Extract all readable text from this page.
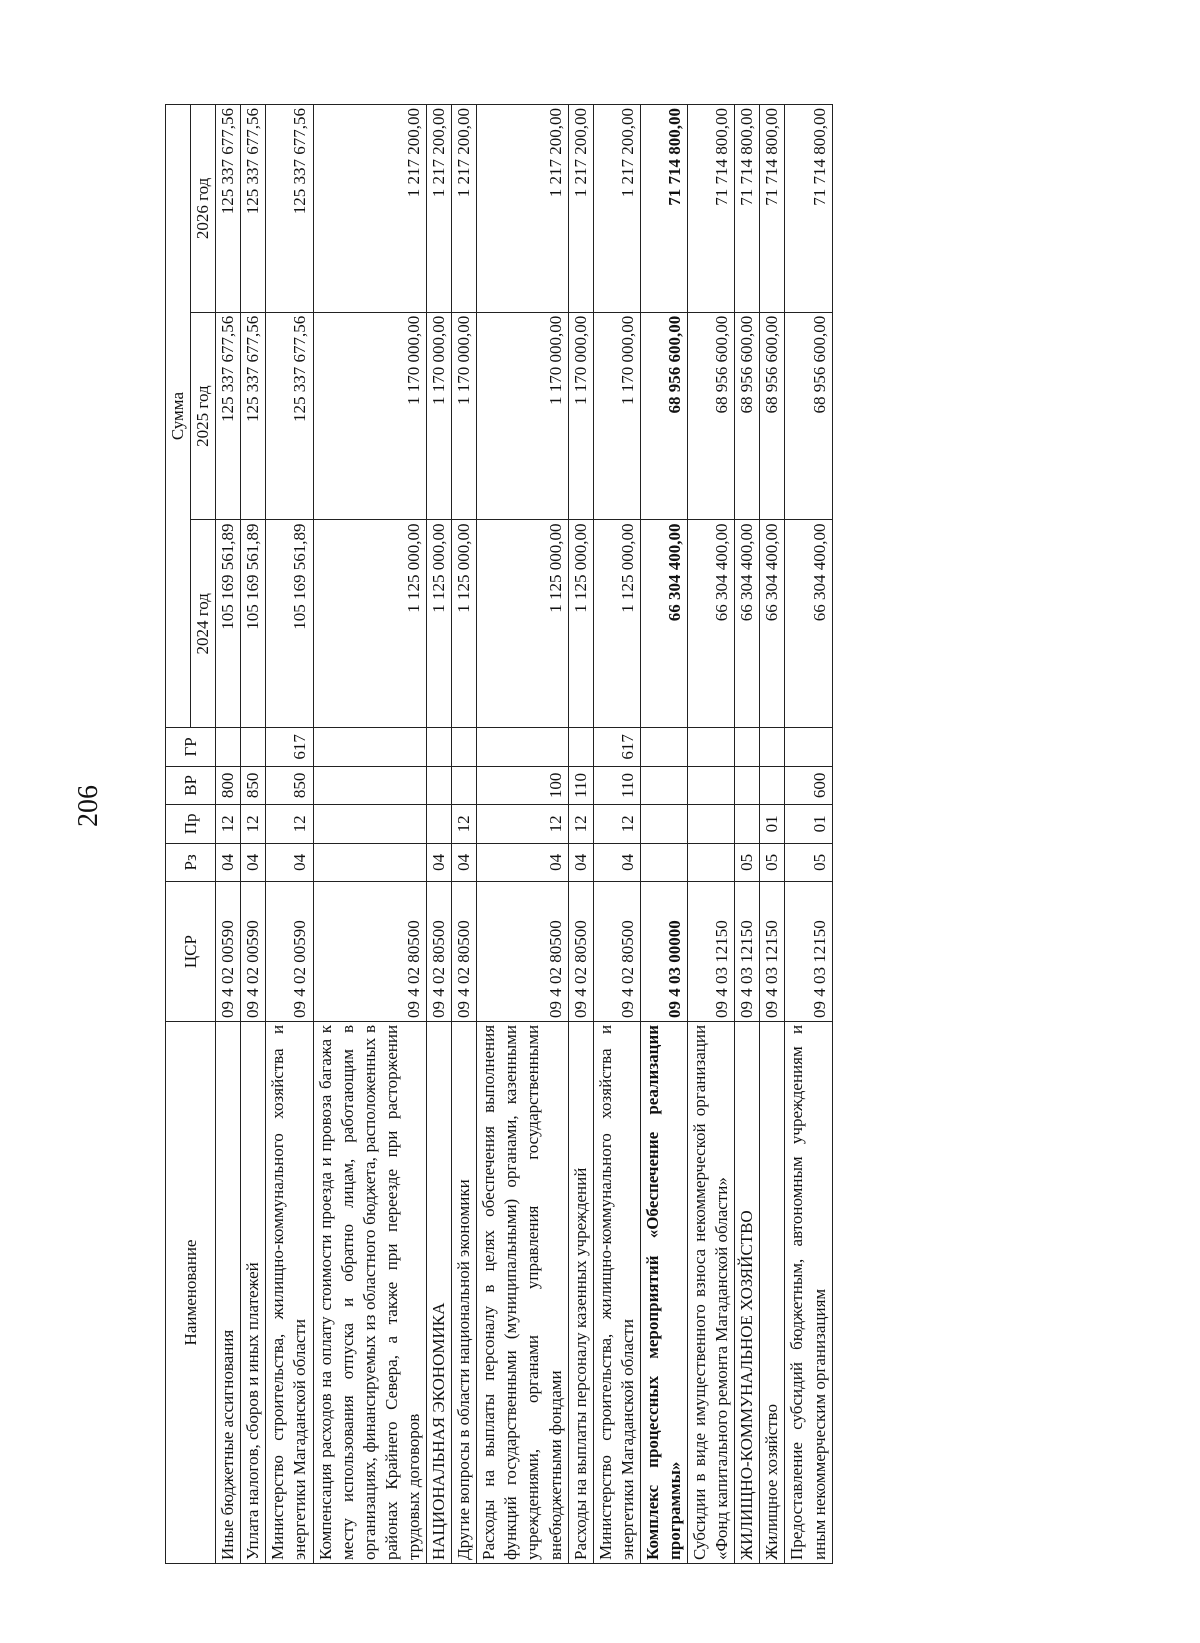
206
Наименование	ЦСР	Рз	Пр	ВР	ГР	Сумма		
						2024 год	2025 год	2026 год
Иные бюджетные ассигнования	09 4 02 00590	04	12	800		105 169 561,89	125 337 677,56	125 337 677,56
Уплата налогов, сборов и иных платежей	09 4 02 00590	04	12	850		105 169 561,89	125 337 677,56	125 337 677,56
Министерство строительства, жилищно-коммунального хозяйства и энергетики Магаданской области	09 4 02 00590	04	12	850	617	105 169 561,89	125 337 677,56	125 337 677,56
Компенсация расходов на оплату стоимости проезда и провоза багажа к месту использования отпуска и обратно лицам, работающим в организациях, финансируемых из областного бюджета, расположенных в районах Крайнего Севера, а также при переезде при расторжении трудовых договоров	09 4 02 80500					1 125 000,00	1 170 000,00	1 217 200,00
НАЦИОНАЛЬНАЯ ЭКОНОМИКА	09 4 02 80500	04				1 125 000,00	1 170 000,00	1 217 200,00
Другие вопросы в области национальной экономики	09 4 02 80500	04	12			1 125 000,00	1 170 000,00	1 217 200,00
Расходы на выплаты персоналу в целях обеспечения выполнения функций государственными (муниципальными) органами, казенными учреждениями, органами управления государственными внебюджетными фондами	09 4 02 80500	04	12	100		1 125 000,00	1 170 000,00	1 217 200,00
Расходы на выплаты персоналу казенных учреждений	09 4 02 80500	04	12	110		1 125 000,00	1 170 000,00	1 217 200,00
Министерство строительства, жилищно-коммунального хозяйства и энергетики Магаданской области	09 4 02 80500	04	12	110	617	1 125 000,00	1 170 000,00	1 217 200,00
Комплекс процессных мероприятий «Обеспечение реализации программы»	09 4 03 00000					66 304 400,00	68 956 600,00	71 714 800,00
Субсидии в виде имущественного взноса некоммерческой организации «Фонд капитального ремонта Магаданской области»	09 4 03 12150					66 304 400,00	68 956 600,00	71 714 800,00
ЖИЛИЩНО-КОММУНАЛЬНОЕ ХОЗЯЙСТВО	09 4 03 12150	05				66 304 400,00	68 956 600,00	71 714 800,00
Жилищное хозяйство	09 4 03 12150	05	01			66 304 400,00	68 956 600,00	71 714 800,00
Предоставление субсидий бюджетным, автономным учреждениям и иным некоммерческим организациям	09 4 03 12150	05	01	600		66 304 400,00	68 956 600,00	71 714 800,00
